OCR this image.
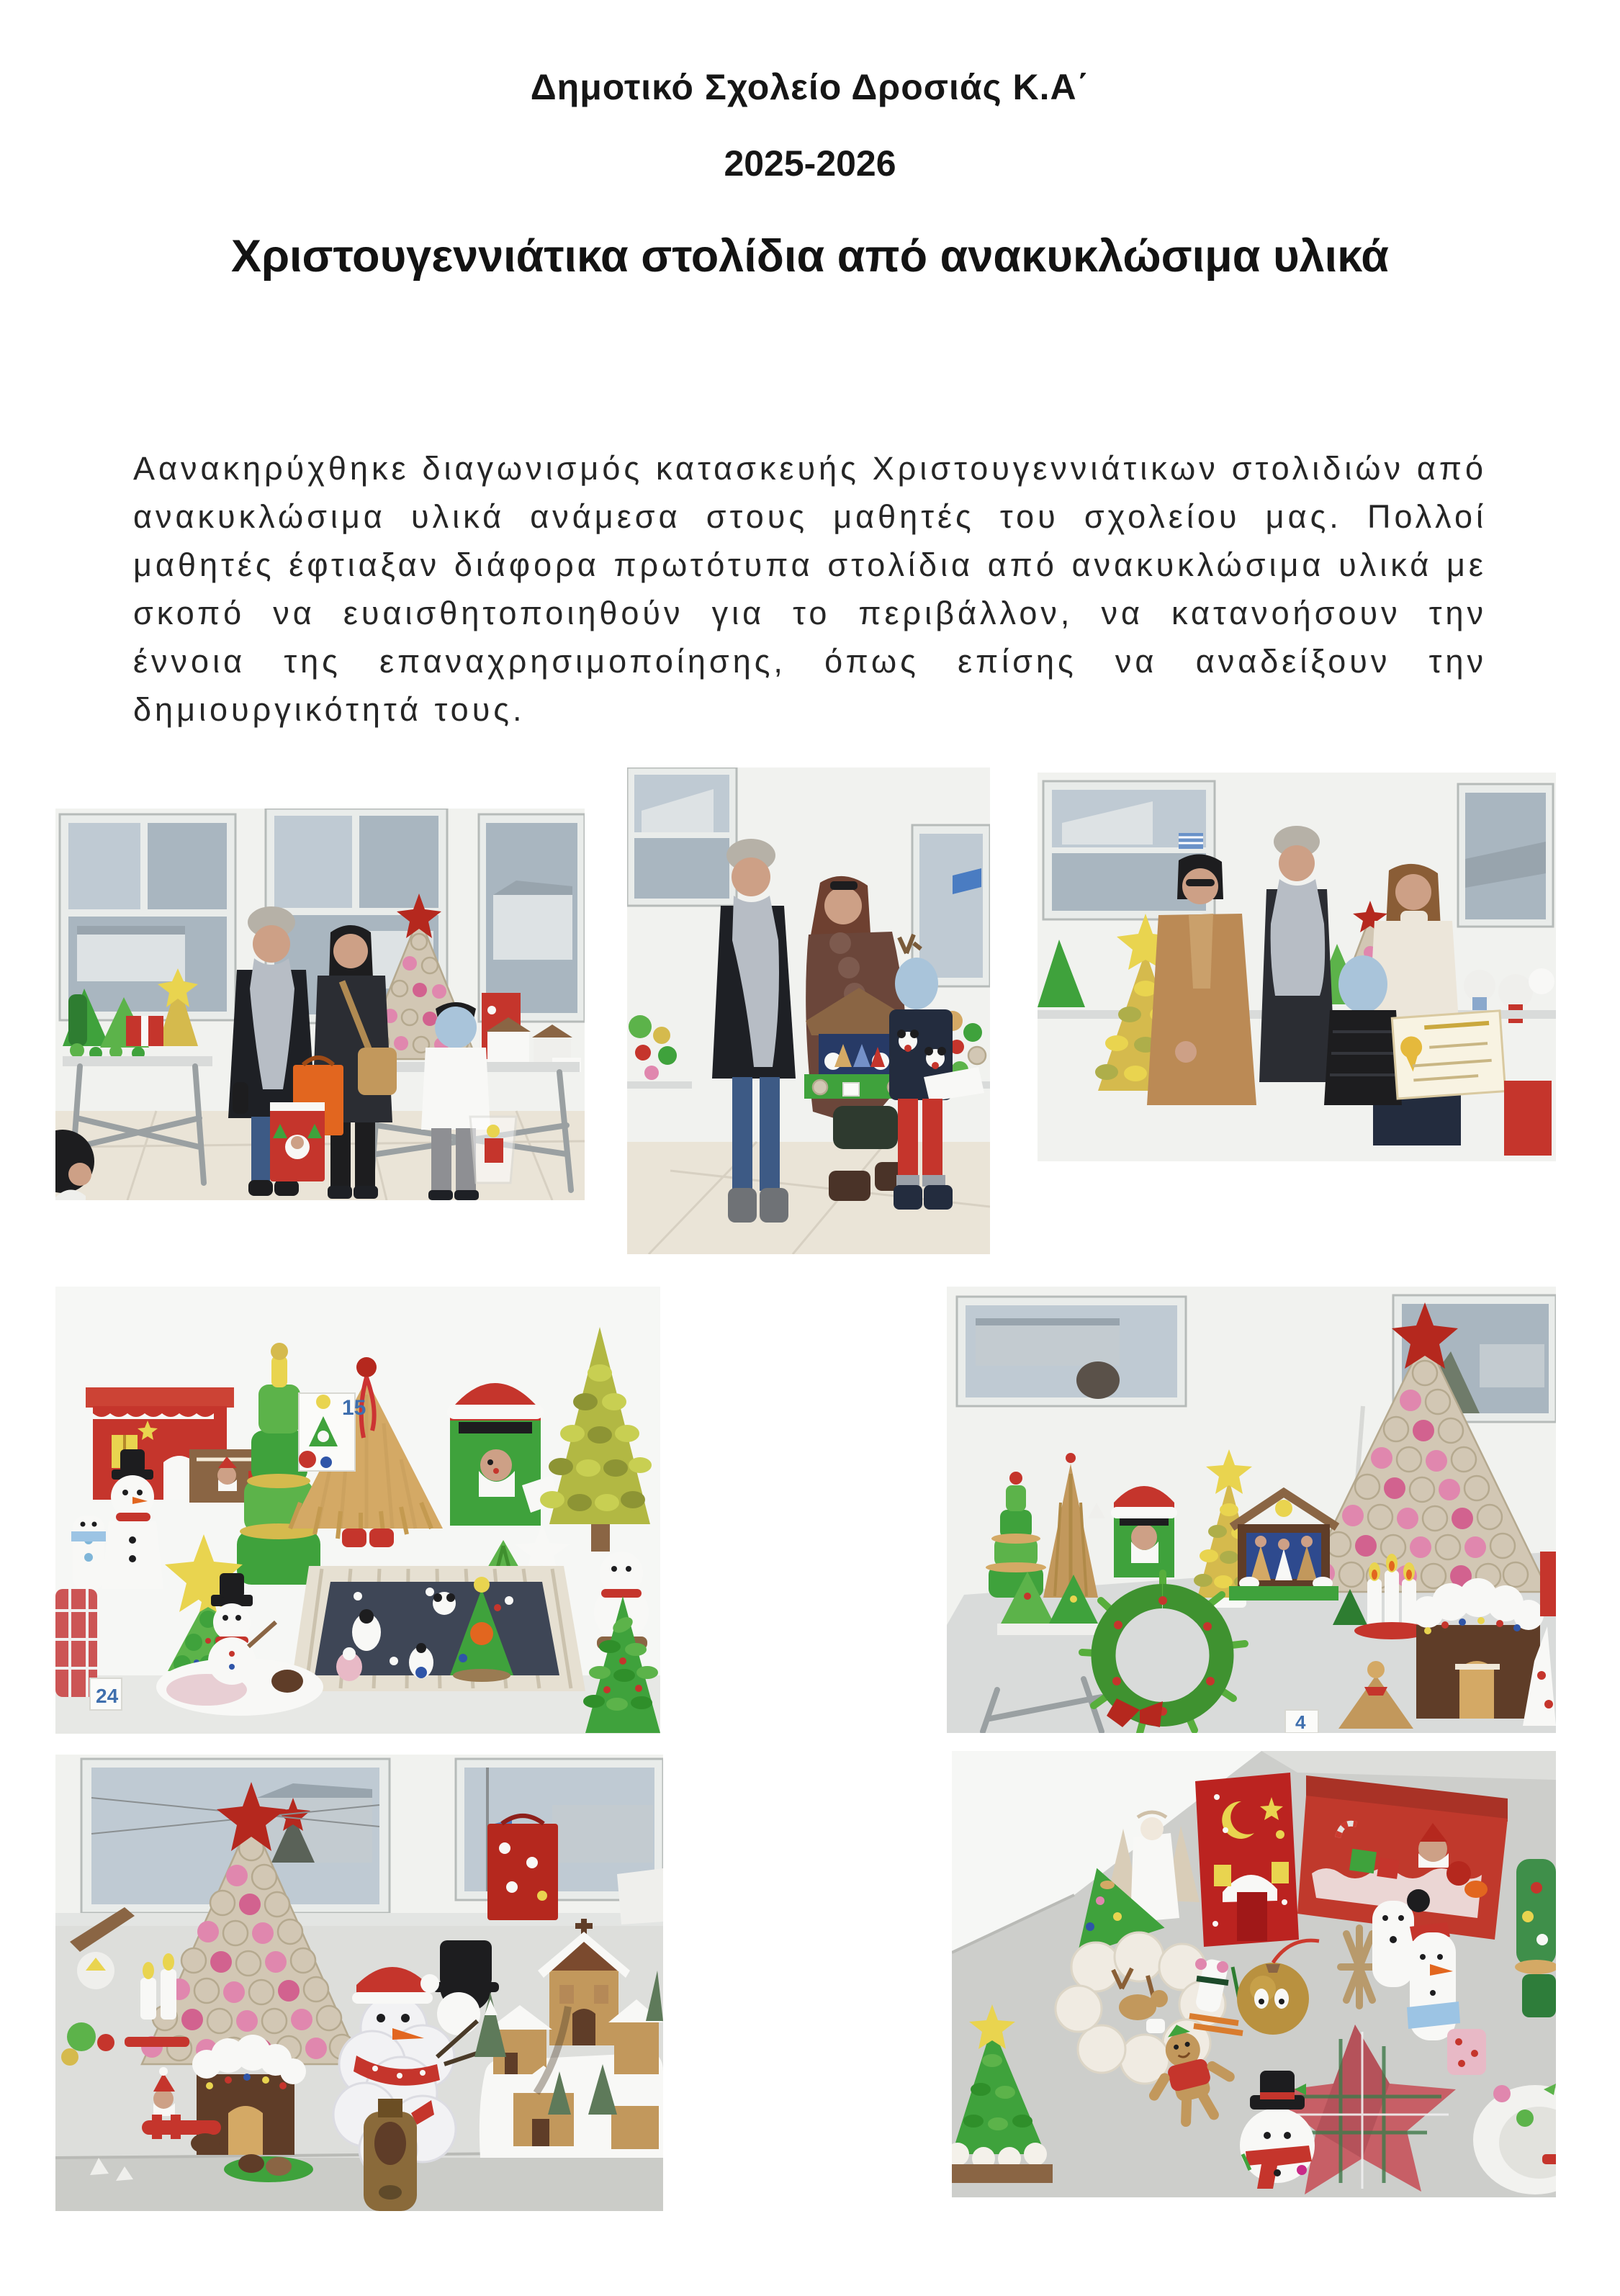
Δημοτικό Σχολείο Δροσιάς Κ.Α΄
2025-2026
Χριστουγεννιάτικα στολίδια από ανακυκλώσιμα υλικά

Αανακηρύχθηκε διαγωνισμός κατασκευής Χριστουγεννιάτικων στολιδιών από ανακυκλώσιμα υλικά ανάμεσα στους μαθητές του σχολείου μας. Πολλοί μαθητές έφτιαξαν διάφορα πρωτότυπα στολίδια από ανακυκλώσιμα υλικά με σκοπό να ευαισθητοποιηθούν για το περιβάλλον, να κατανοήσουν την έννοια της επαναχρησιμοποίησης, όπως επίσης να αναδείξουν την δημιουργικότητά τους.

15
24
4
